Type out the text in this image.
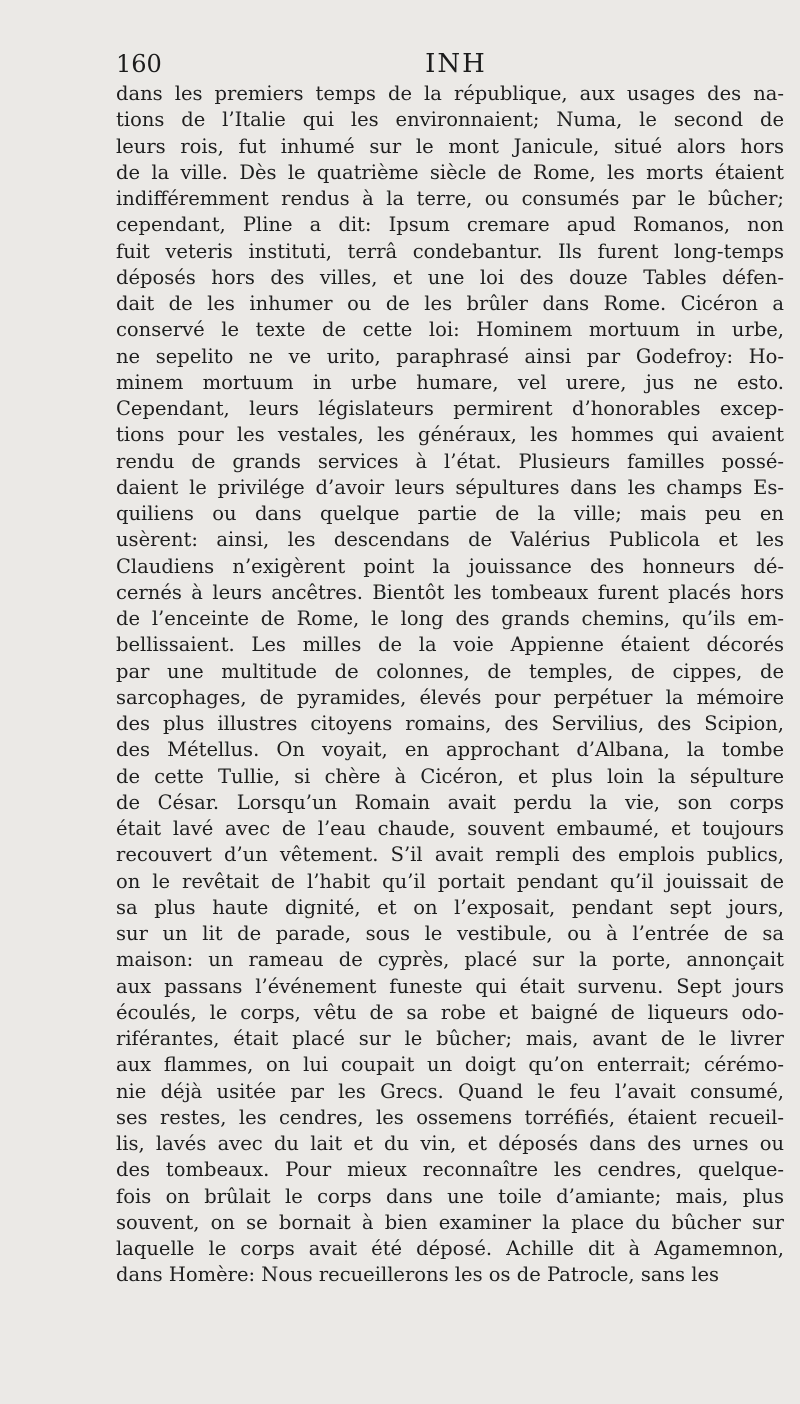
160	INH
dans les premiers temps de la république, aux usages des na-
tions de l’Italie qui les environnaient; Numa, le second de
leurs rois, fut inhumé sur le mont Janicule, situé alors hors
de la ville. Dès le quatrième siècle de Rome, les morts étaient
indifféremment rendus à la terre, ou consumés par le bûcher;
cependant, Pline a dit: Ipsum cremare apud Romanos, non
fuit veteris instituti, terrâ condebantur. Ils furent long-temps
déposés hors des villes, et une loi des douze Tables défen-
dait de les inhumer ou de les brûler dans Rome. Cicéron a
conservé le texte de cette loi: Hominem mortuum in urbe,
ne sepelito ne ve urito, paraphrasé ainsi par Godefroy: Ho-
minem mortuum in urbe humare, vel urere, jus ne esto.
Cependant, leurs législateurs permirent d’honorables excep-
tions pour les vestales, les généraux, les hommes qui avaient
rendu de grands services à l’état. Plusieurs familles possé-
daient le privilége d’avoir leurs sépultures dans les champs Es-
quiliens ou dans quelque partie de la ville; mais peu en
usèrent: ainsi, les descendans de Valérius Publicola et les
Claudiens n’exigèrent point la jouissance des honneurs dé-
cernés à leurs ancêtres. Bientôt les tombeaux furent placés hors
de l’enceinte de Rome, le long des grands chemins, qu’ils em-
bellissaient. Les milles de la voie Appienne étaient décorés
par une multitude de colonnes, de temples, de cippes, de
sarcophages, de pyramides, élevés pour perpétuer la mémoire
des plus illustres citoyens romains, des Servilius, des Scipion,
des Métellus. On voyait, en approchant d’Albana, la tombe
de cette Tullie, si chère à Cicéron, et plus loin la sépulture
de César. Lorsqu’un Romain avait perdu la vie, son corps
était lavé avec de l’eau chaude, souvent embaumé, et toujours
recouvert d’un vêtement. S’il avait rempli des emplois publics,
on le revêtait de l’habit qu’il portait pendant qu’il jouissait de
sa plus haute dignité, et on l’exposait, pendant sept jours,
sur un lit de parade, sous le vestibule, ou à l’entrée de sa
maison: un rameau de cyprès, placé sur la porte, annonçait
aux passans l’événement funeste qui était survenu. Sept jours
écoulés, le corps, vêtu de sa robe et baigné de liqueurs odo-
riférantes, était placé sur le bûcher; mais, avant de le livrer
aux flammes, on lui coupait un doigt qu’on enterrait; cérémo-
nie déjà usitée par les Grecs. Quand le feu l’avait consumé,
ses restes, les cendres, les ossemens torréfiés, étaient recueil-
lis, lavés avec du lait et du vin, et déposés dans des urnes ou
des tombeaux. Pour mieux reconnaître les cendres, quelque-
fois on brûlait le corps dans une toile d’amiante; mais, plus
souvent, on se bornait à bien examiner la place du bûcher sur
laquelle le corps avait été déposé. Achille dit à Agamemnon,
dans Homère: Nous recueillerons les os de Patrocle, sans les
